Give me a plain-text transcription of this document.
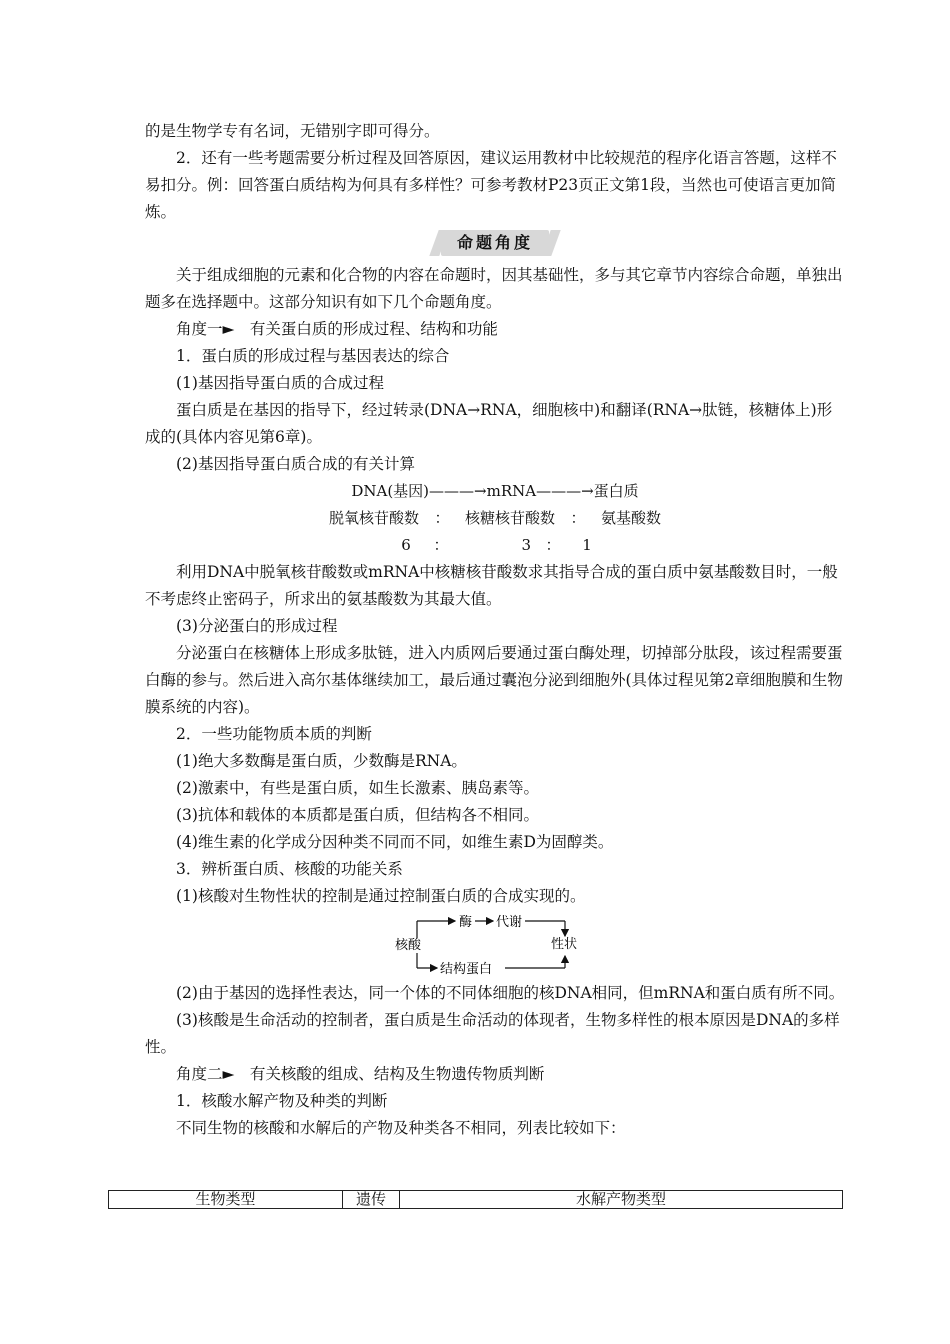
的是生物学专有名词，无错别字即可得分。

2．还有一些考题需要分析过程及回答原因，建议运用教材中比较规范的程序化语言答题，这样不易扣分。例：回答蛋白质结构为何具有多样性？可参考教材P23页正文第1段，当然也可使语言更加简炼。

命题角度

关于组成细胞的元素和化合物的内容在命题时，因其基础性，多与其它章节内容综合命题，单独出题多在选择题中。这部分知识有如下几个命题角度。

角度一►　有关蛋白质的形成过程、结构和功能

1．蛋白质的形成过程与基因表达的综合

(1)基因指导蛋白质的合成过程

蛋白质是在基因的指导下，经过转录(DNA→RNA，细胞核中)和翻译(RNA→肽链，核糖体上)形成的(具体内容见第6章)。

(2)基因指导蛋白质合成的有关计算

DNA(基因)———→mRNA———→蛋白质
脱氧核苷酸数	：	核糖核苷酸数	：	氨基酸数
6	：	3 ：	1

利用DNA中脱氧核苷酸数或mRNA中核糖核苷酸数求其指导合成的蛋白质中氨基酸数目时，一般不考虑终止密码子，所求出的氨基酸数为其最大值。

(3)分泌蛋白的形成过程

分泌蛋白在核糖体上形成多肽链，进入内质网后要通过蛋白酶处理，切掉部分肽段，该过程需要蛋白酶的参与。然后进入高尔基体继续加工，最后通过囊泡分泌到细胞外(具体过程见第2章细胞膜和生物膜系统的内容)。

2．一些功能物质本质的判断

(1)绝大多数酶是蛋白质，少数酶是RNA。

(2)激素中，有些是蛋白质，如生长激素、胰岛素等。

(3)抗体和载体的本质都是蛋白质，但结构各不相同。

(4)维生素的化学成分因种类不同而不同，如维生素D为固醇类。

3．辨析蛋白质、核酸的功能关系

(1)核酸对生物性状的控制是通过控制蛋白质的合成实现的。

酶 代谢
核酸	性状
结构蛋白

(2)由于基因的选择性表达，同一个体的不同体细胞的核DNA相同，但mRNA和蛋白质有所不同。

(3)核酸是生命活动的控制者，蛋白质是生命活动的体现者，生物多样性的根本原因是DNA的多样性。

角度二►　有关核酸的组成、结构及生物遗传物质判断

1．核酸水解产物及种类的判断

不同生物的核酸和水解后的产物及种类各不相同，列表比较如下：

生物类型	遗传	水解产物类型
